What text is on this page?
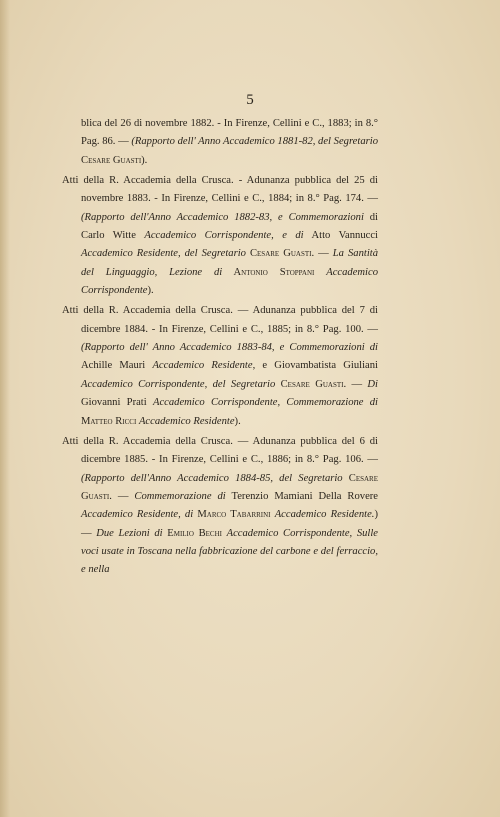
5

blica del 26 di novembre 1882. - In Firenze, Cellini e C., 1883; in 8.° Pag. 86. — (Rapporto dell' Anno Accademico 1881-82, del Segretario Cesare Guasti).

Atti della R. Accademia della Crusca. - Adunanza pubblica del 25 di novembre 1883. - In Firenze, Cellini e C., 1884; in 8.° Pag. 174. — (Rapporto dell'Anno Accademico 1882-83, e Commemorazioni di Carlo Witte Accademico Corrispondente, e di Atto Vannucci Accademico Residente, del Segretario Cesare Guasti. — La Santità del Linguaggio, Lezione di Antonio Stoppani Accademico Corrispondente).

Atti della R. Accademia della Crusca. — Adunanza pubblica del 7 di dicembre 1884. - In Firenze, Cellini e C., 1885; in 8.° Pag. 100. — (Rapporto dell' Anno Accademico 1883-84, e Commemorazioni di Achille Mauri Accademico Residente, e Giovambatista Giuliani Accademico Corrispondente, del Segretario Cesare Guasti. — Di Giovanni Prati Accademico Corrispondente, Commemorazione di Matteo Ricci Accademico Residente).

Atti della R. Accademia della Crusca. — Adunanza pubblica del 6 di dicembre 1885. - In Firenze, Cellini e C., 1886; in 8.° Pag. 106. — (Rapporto dell'Anno Accademico 1884-85, del Segretario Cesare Guasti. — Commemorazione di Terenzio Mamiani Della Rovere Accademico Residente, di Marco Tabarrini Accademico Residente.) — Due Lezioni di Emilio Bechi Accademico Corrispondente, Sulle voci usate in Toscana nella fabbricazione del carbone e del ferraccio, e nella
